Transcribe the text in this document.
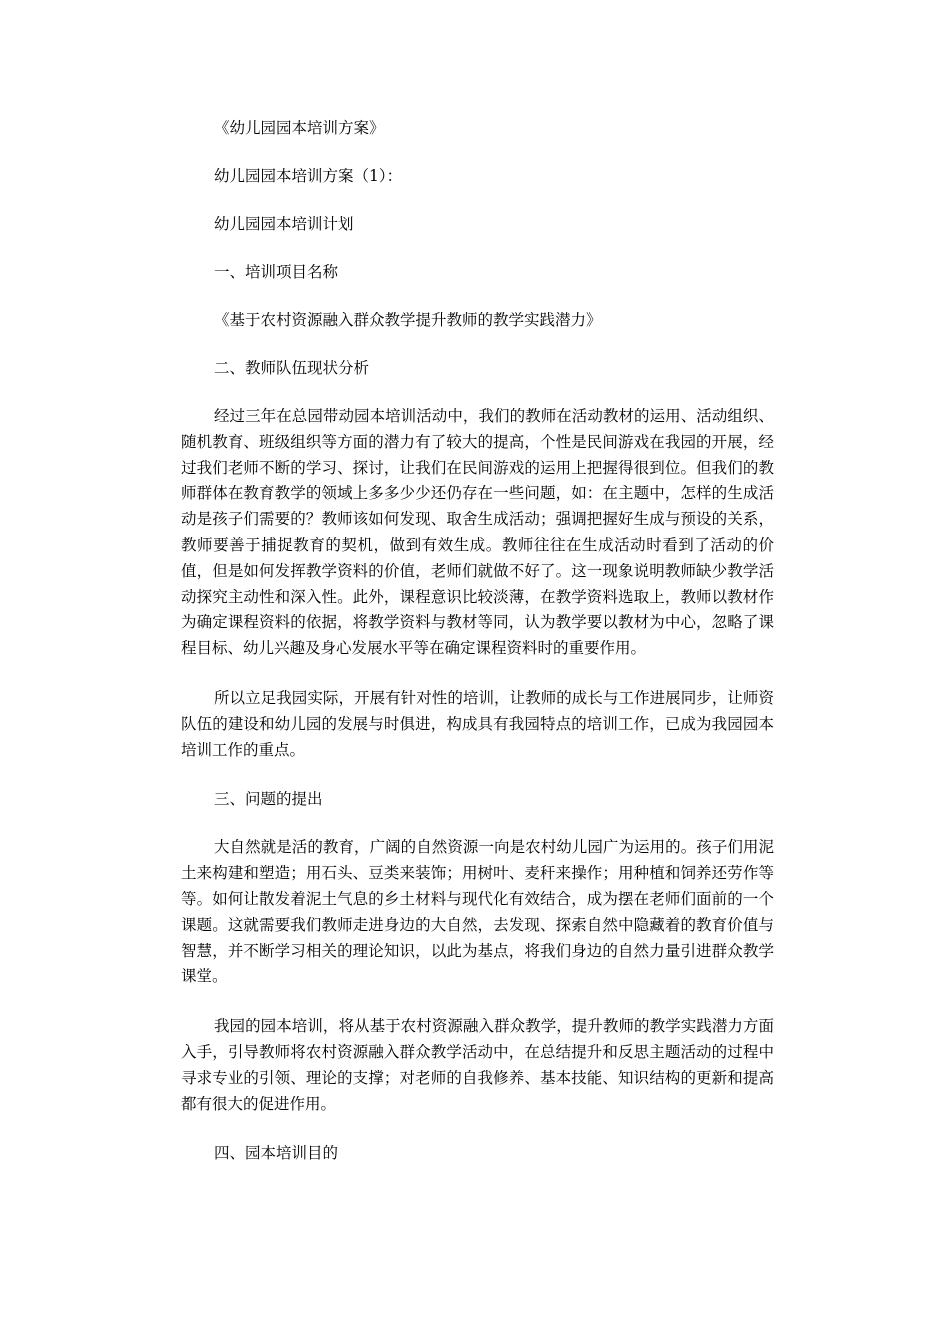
《幼儿园园本培训方案》

幼儿园园本培训方案（1）：

幼儿园园本培训计划

一、培训项目名称

《基于农村资源融入群众教学提升教师的教学实践潜力》

二、教师队伍现状分析

经过三年在总园带动园本培训活动中，我们的教师在活动教材的运用、活动组织、随机教育、班级组织等方面的潜力有了较大的提高，个性是民间游戏在我园的开展，经过我们老师不断的学习、探讨，让我们在民间游戏的运用上把握得很到位。但我们的教师群体在教育教学的领域上多多少少还仍存在一些问题，如：在主题中，怎样的生成活动是孩子们需要的？教师该如何发现、取舍生成活动；强调把握好生成与预设的关系，教师要善于捕捉教育的契机，做到有效生成。教师往往在生成活动时看到了活动的价值，但是如何发挥教学资料的价值，老师们就做不好了。这一现象说明教师缺少教学活动探究主动性和深入性。此外，课程意识比较淡薄，在教学资料选取上，教师以教材作为确定课程资料的依据，将教学资料与教材等同，认为教学要以教材为中心，忽略了课程目标、幼儿兴趣及身心发展水平等在确定课程资料时的重要作用。

所以立足我园实际，开展有针对性的培训，让教师的成长与工作进展同步，让师资队伍的建设和幼儿园的发展与时俱进，构成具有我园特点的培训工作，已成为我园园本培训工作的重点。

三、问题的提出

大自然就是活的教育，广阔的自然资源一向是农村幼儿园广为运用的。孩子们用泥土来构建和塑造；用石头、豆类来装饰；用树叶、麦秆来操作；用种植和饲养还劳作等等。如何让散发着泥土气息的乡土材料与现代化有效结合，成为摆在老师们面前的一个课题。这就需要我们教师走进身边的大自然，去发现、探索自然中隐藏着的教育价值与智慧，并不断学习相关的理论知识，以此为基点，将我们身边的自然力量引进群众教学课堂。

我园的园本培训，将从基于农村资源融入群众教学，提升教师的教学实践潜力方面入手，引导教师将农村资源融入群众教学活动中，在总结提升和反思主题活动的过程中寻求专业的引领、理论的支撑；对老师的自我修养、基本技能、知识结构的更新和提高都有很大的促进作用。

四、园本培训目的
